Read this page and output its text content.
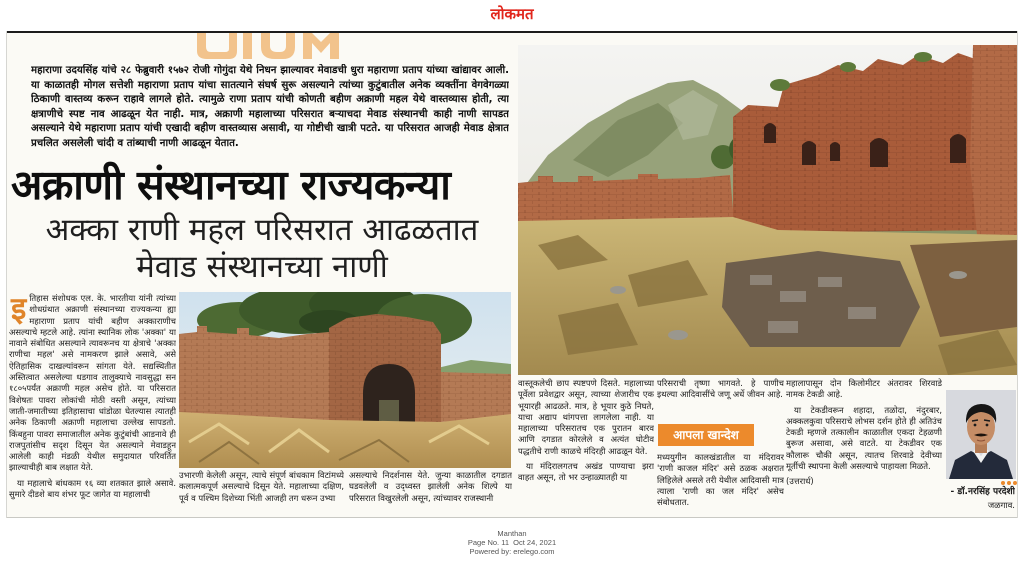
लोकमत

महाराणा उदयसिंह यांचे २८ फेब्रुवारी १५७२ रोजी गोगुंदा येथे निधन झाल्यावर मेवाडची धुरा महाराणा प्रताप यांच्या खांद्यावर आली. या काळातही मोगल सत्तेशी महाराणा प्रताप यांचा सातत्याने संघर्ष सुरू असल्याने त्यांच्या कुटुंबातील अनेक व्यक्तींना वेगवेगळ्या ठिकाणी वास्तव्य करून राहावे लागले होते. त्यामुळे राणा प्रताप यांची कोणती बहीण अक्राणी महल येथे वास्तव्यास होती, त्या क्षत्राणीचे स्पष्ट नाव आढळून येत नाही. मात्र, अक्राणी महालाच्या परिसरात बऱ्याचदा मेवाड संस्थानची काही नाणी सापडत असल्याने येथे महाराणा प्रताप यांची एखादी बहीण वास्तव्यास असावी, या गोष्टीची खात्री पटते. या परिसरात आजही मेवाड क्षेत्रात प्रचलित असलेली चांदी व तांब्याची नाणी आढळून येतात.

अक्राणी संस्थानच्या राज्यकन्या
अक्का राणी महल परिसरात आढळतात
मेवाड संस्थानच्या नाणी

इतिहास संशोधक एल. के. भारतीया यांनी त्यांच्या शोधग्रंथात अक्राणी संस्थानच्या राज्यकन्या ह्या महाराणा प्रताप यांची बहीण अक्काराणीच असल्याचे म्हटले आहे. त्यांना स्थानिक लोक 'अक्का' या नावाने संबोधित असल्याने त्यावरूनच या क्षेत्राचे 'अक्का राणीचा महल' असे नामकरण झाले असावे, असे ऐतिहासिक दाखल्यांवरून सांगता येते. सद्यस्थितीत अस्तित्वात असलेल्या धडगाव तालुक्याचे नावसुद्धा सन १८०५पर्यंत अक्राणी महल असेच होते. या परिसरात विशेषतः पावरा लोकांची मोठी वस्ती असून, त्यांच्या जाती-जमातीच्या इतिहासाचा धांडोळा घेतल्यास त्यातही अनेक ठिकाणी अक्राणी महालाचा उल्लेख सापडतो. किंबहुना पावरा समाजातील अनेक कुटुंबांची आडनावे ही राजपुतांसीच सदृश दिसून येत असल्याने मेवाडहून आलेली काही मंडळी येथील समुदायात परिवर्तित झाल्याचीही बाब लक्षात येते.

या महालाचे बांधकाम १६ व्या शतकात झाले असावे. सुमारे दीडशे बाय शंभर फूट जागेत या महालाची

उभारणी केलेली असून, त्याचे संपूर्ण बांधकाम विटांमध्ये कलात्मकपूर्ण असल्याचे दिसून येते. महालाच्या दक्षिण, पूर्व व पश्चिम दिशेच्या भिंती आजही तग धरून उभ्या

असल्याचे निदर्शनास येते. जुन्या काळातील दगडात घडवलेली व उद्ध्वस्त झालेली अनेक शिल्पे या परिसरात विखुरलेली असून, त्यांच्यावर राजस्थानी

वास्तूकलेची छाप स्पष्टपणे दिसते. महालाच्या पूर्वेला प्रवेशद्वार असून, त्याच्या शेजारीच एक भूयारही आढळते. मात्र, हे भूयार कुठे निघते, याचा अद्याप थांगपत्ता लागलेला नाही. या महालाच्या परिसरातच एक पुरातन बारव आणि दगडात कोरलेले व अत्यंत घोटीव पद्धतीचे राणी काळचे मंदिरही आढळून येते.

या मंदिरालगतच अखंड पाण्याचा झरा वाहत असून, तो भर उन्हाळ्यातही या

परिसराची तृष्णा भागवते. हे पाणीच इथल्या आदिवासींचे जणू अर्धे जीवन आहे.

आपला खान्देश

मध्ययुगीन कालखंडातील या मंदिरावर 'राणी काजल मंदिर' असे ठळक अक्षरात लिहिलेले असले तरी येथील आदिवासी मात्र त्याला 'राणी का जल मंदिर' असेच संबोधतात.

महालापासून दोन किलोमीटर अंतरावर शिरवाडे नामक टेकडी आहे.

या टेकडीवरून शहादा, तळोदा, नंदुरबार, अक्कलकुवा परिसराचे लोभस दर्शन होते ही अतिउंच टेकडी म्हणजे तत्कालीन काळातील एकदा टेहळणी बुरूज असावा, असे वाटते. या टेकडीवर एक कौलारू चौकी असून, त्यातच शिरवाडे देवीच्या मूर्तीची स्थापना केली असल्याचे पाहायला मिळते.

(उत्तरार्ध)

- डॉ.नरसिंह परदेशी
जळगाव.
Manthan
Page No. 11  Oct 24, 2021
Powered by: erelego.com
